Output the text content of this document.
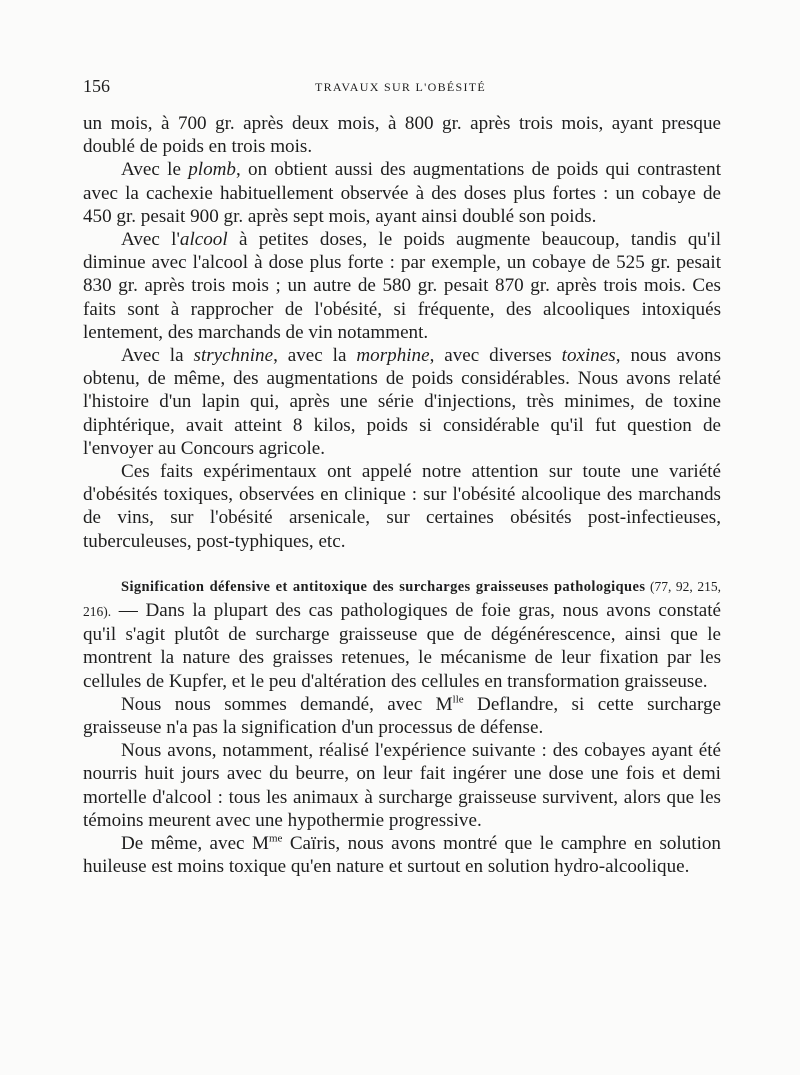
156	TRAVAUX SUR L'OBÉSITÉ

un mois, à 700 gr. après deux mois, à 800 gr. après trois mois, ayant presque doublé de poids en trois mois.

Avec le plomb, on obtient aussi des augmentations de poids qui contrastent avec la cachexie habituellement observée à des doses plus fortes : un cobaye de 450 gr. pesait 900 gr. après sept mois, ayant ainsi doublé son poids.

Avec l'alcool à petites doses, le poids augmente beaucoup, tandis qu'il diminue avec l'alcool à dose plus forte : par exemple, un cobaye de 525 gr. pesait 830 gr. après trois mois ; un autre de 580 gr. pesait 870 gr. après trois mois. Ces faits sont à rapprocher de l'obésité, si fréquente, des alcooliques intoxiqués lentement, des marchands de vin notamment.

Avec la strychnine, avec la morphine, avec diverses toxines, nous avons obtenu, de même, des augmentations de poids considérables. Nous avons relaté l'histoire d'un lapin qui, après une série d'injections, très minimes, de toxine diphtérique, avait atteint 8 kilos, poids si considérable qu'il fut question de l'envoyer au Concours agricole.

Ces faits expérimentaux ont appelé notre attention sur toute une variété d'obésités toxiques, observées en clinique : sur l'obésité alcoolique des marchands de vins, sur l'obésité arsenicale, sur certaines obésités post-infectieuses, tuberculeuses, post-typhiques, etc.

Signification défensive et antitoxique des surcharges graisseuses pathologiques (77, 92, 215, 216). — Dans la plupart des cas pathologiques de foie gras, nous avons constaté qu'il s'agit plutôt de surcharge graisseuse que de dégénérescence, ainsi que le montrent la nature des graisses retenues, le mécanisme de leur fixation par les cellules de Kupfer, et le peu d'altération des cellules en transformation graisseuse.

Nous nous sommes demandé, avec $M^{lle}$ Deflandre, si cette surcharge graisseuse n'a pas la signification d'un processus de défense.

Nous avons, notamment, réalisé l'expérience suivante : des cobayes ayant été nourris huit jours avec du beurre, on leur fait ingérer une dose une fois et demi mortelle d'alcool : tous les animaux à surcharge graisseuse survivent, alors que les témoins meurent avec une hypothermie progressive.

De même, avec $M^{me}$ Caïris, nous avons montré que le camphre en solution huileuse est moins toxique qu'en nature et surtout en solution hydro-alcoolique.
